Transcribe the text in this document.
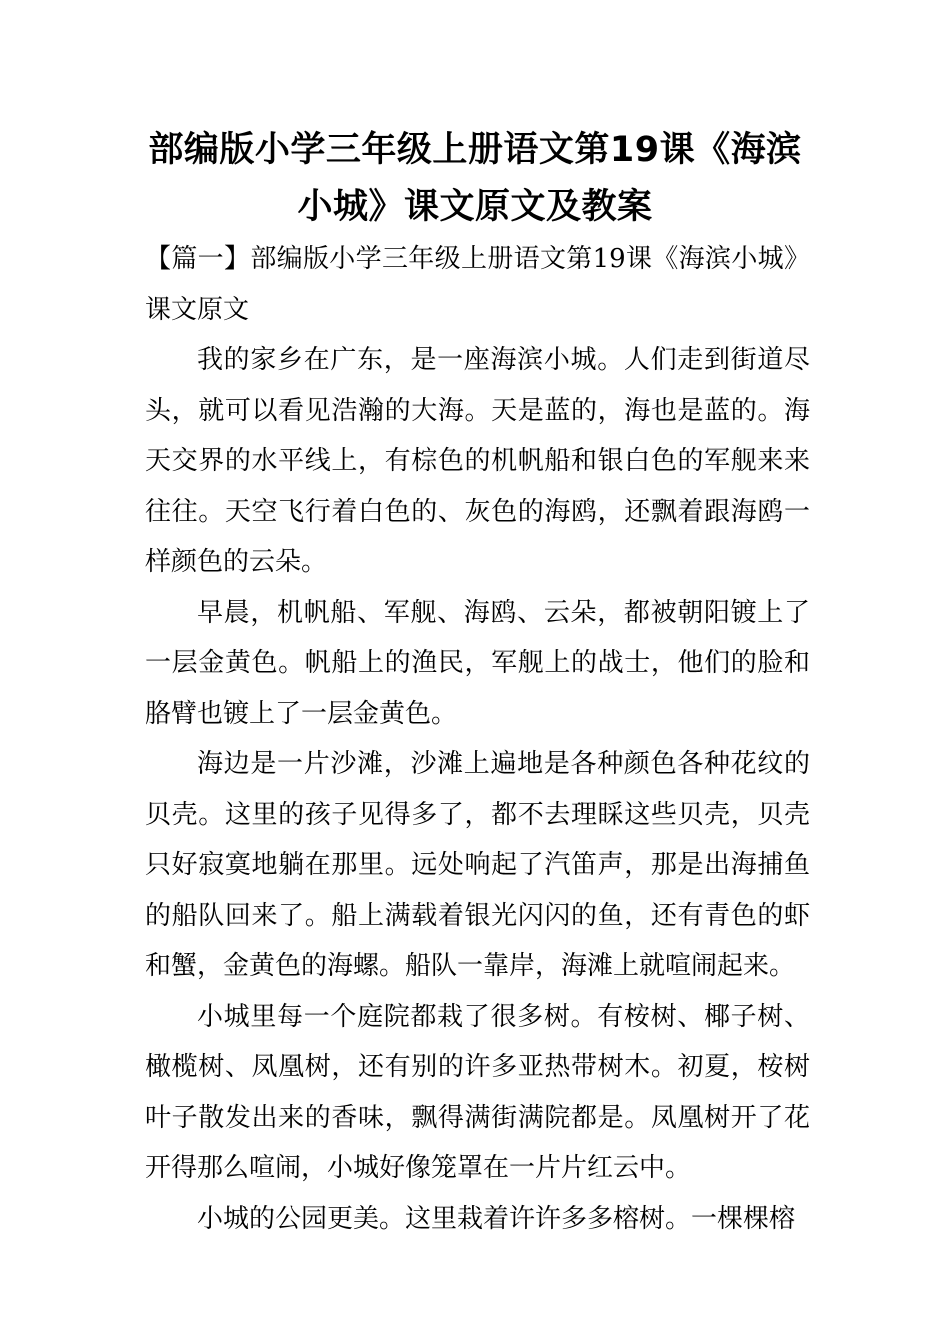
部编版小学三年级上册语文第19课《海滨小城》课文原文及教案

【篇一】部编版小学三年级上册语文第19课《海滨小城》课文原文

我的家乡在广东，是一座海滨小城。人们走到街道尽头，就可以看见浩瀚的大海。天是蓝的，海也是蓝的。海天交界的水平线上，有棕色的机帆船和银白色的军舰来来往往。天空飞行着白色的、灰色的海鸥，还飘着跟海鸥一样颜色的云朵。

早晨，机帆船、军舰、海鸥、云朵，都被朝阳镀上了一层金黄色。帆船上的渔民，军舰上的战士，他们的脸和胳臂也镀上了一层金黄色。

海边是一片沙滩，沙滩上遍地是各种颜色各种花纹的贝壳。这里的孩子见得多了，都不去理睬这些贝壳，贝壳只好寂寞地躺在那里。远处响起了汽笛声，那是出海捕鱼的船队回来了。船上满载着银光闪闪的鱼，还有青色的虾和蟹，金黄色的海螺。船队一靠岸，海滩上就喧闹起来。

小城里每一个庭院都栽了很多树。有桉树、椰子树、橄榄树、凤凰树，还有别的许多亚热带树木。初夏，桉树叶子散发出来的香味，飘得满街满院都是。凤凰树开了花开得那么喧闹，小城好像笼罩在一片片红云中。

小城的公园更美。这里栽着许许多多榕树。一棵棵榕
